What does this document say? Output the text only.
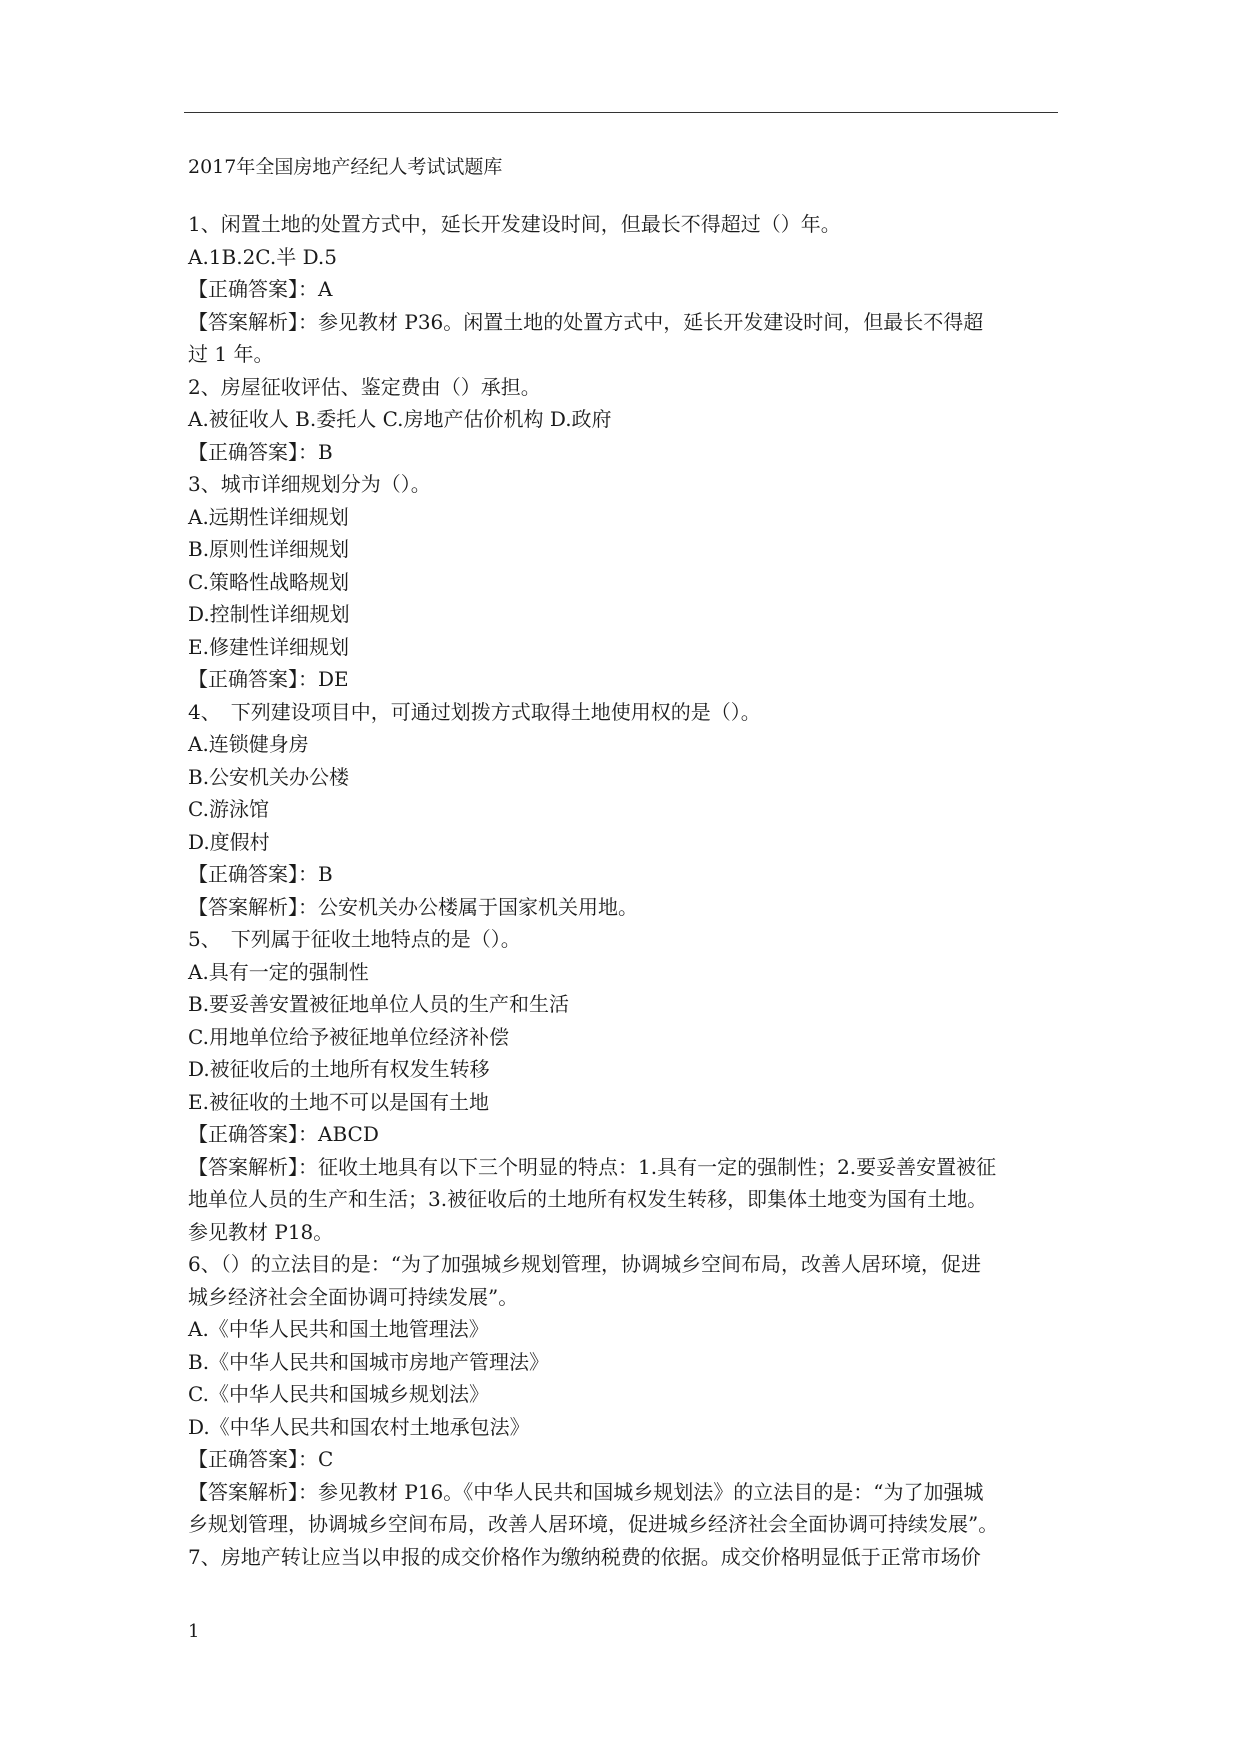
2017年全国房地产经纪人考试试题库
1、闲置土地的处置方式中，延长开发建设时间，但最长不得超过（）年。
A.1B.2C.半 D.5
【正确答案】：A
【答案解析】：参见教材 P36。闲置土地的处置方式中，延长开发建设时间，但最长不得超
过 1 年。
2、房屋征收评估、鉴定费由（）承担。
A.被征收人 B.委托人 C.房地产估价机构 D.政府
【正确答案】：B
3、城市详细规划分为（）。
A.远期性详细规划
B.原则性详细规划
C.策略性战略规划
D.控制性详细规划
E.修建性详细规划
【正确答案】：DE
4、　下列建设项目中，可通过划拨方式取得土地使用权的是（）。
A.连锁健身房
B.公安机关办公楼
C.游泳馆
D.度假村
【正确答案】：B
【答案解析】：公安机关办公楼属于国家机关用地。
5、　下列属于征收土地特点的是（）。
A.具有一定的强制性
B.要妥善安置被征地单位人员的生产和生活
C.用地单位给予被征地单位经济补偿
D.被征收后的土地所有权发生转移
E.被征收的土地不可以是国有土地
【正确答案】：ABCD
【答案解析】：征收土地具有以下三个明显的特点：1.具有一定的强制性；2.要妥善安置被征
地单位人员的生产和生活；3.被征收后的土地所有权发生转移，即集体土地变为国有土地。
参见教材 P18。
6、（）的立法目的是：“为了加强城乡规划管理，协调城乡空间布局，改善人居环境，促进
城乡经济社会全面协调可持续发展”。
A.《中华人民共和国土地管理法》
B.《中华人民共和国城市房地产管理法》
C.《中华人民共和国城乡规划法》
D.《中华人民共和国农村土地承包法》
【正确答案】：C
【答案解析】：参见教材 P16。《中华人民共和国城乡规划法》的立法目的是：“为了加强城
乡规划管理，协调城乡空间布局，改善人居环境，促进城乡经济社会全面协调可持续发展”。
7、房地产转让应当以申报的成交价格作为缴纳税费的依据。成交价格明显低于正常市场价
1
